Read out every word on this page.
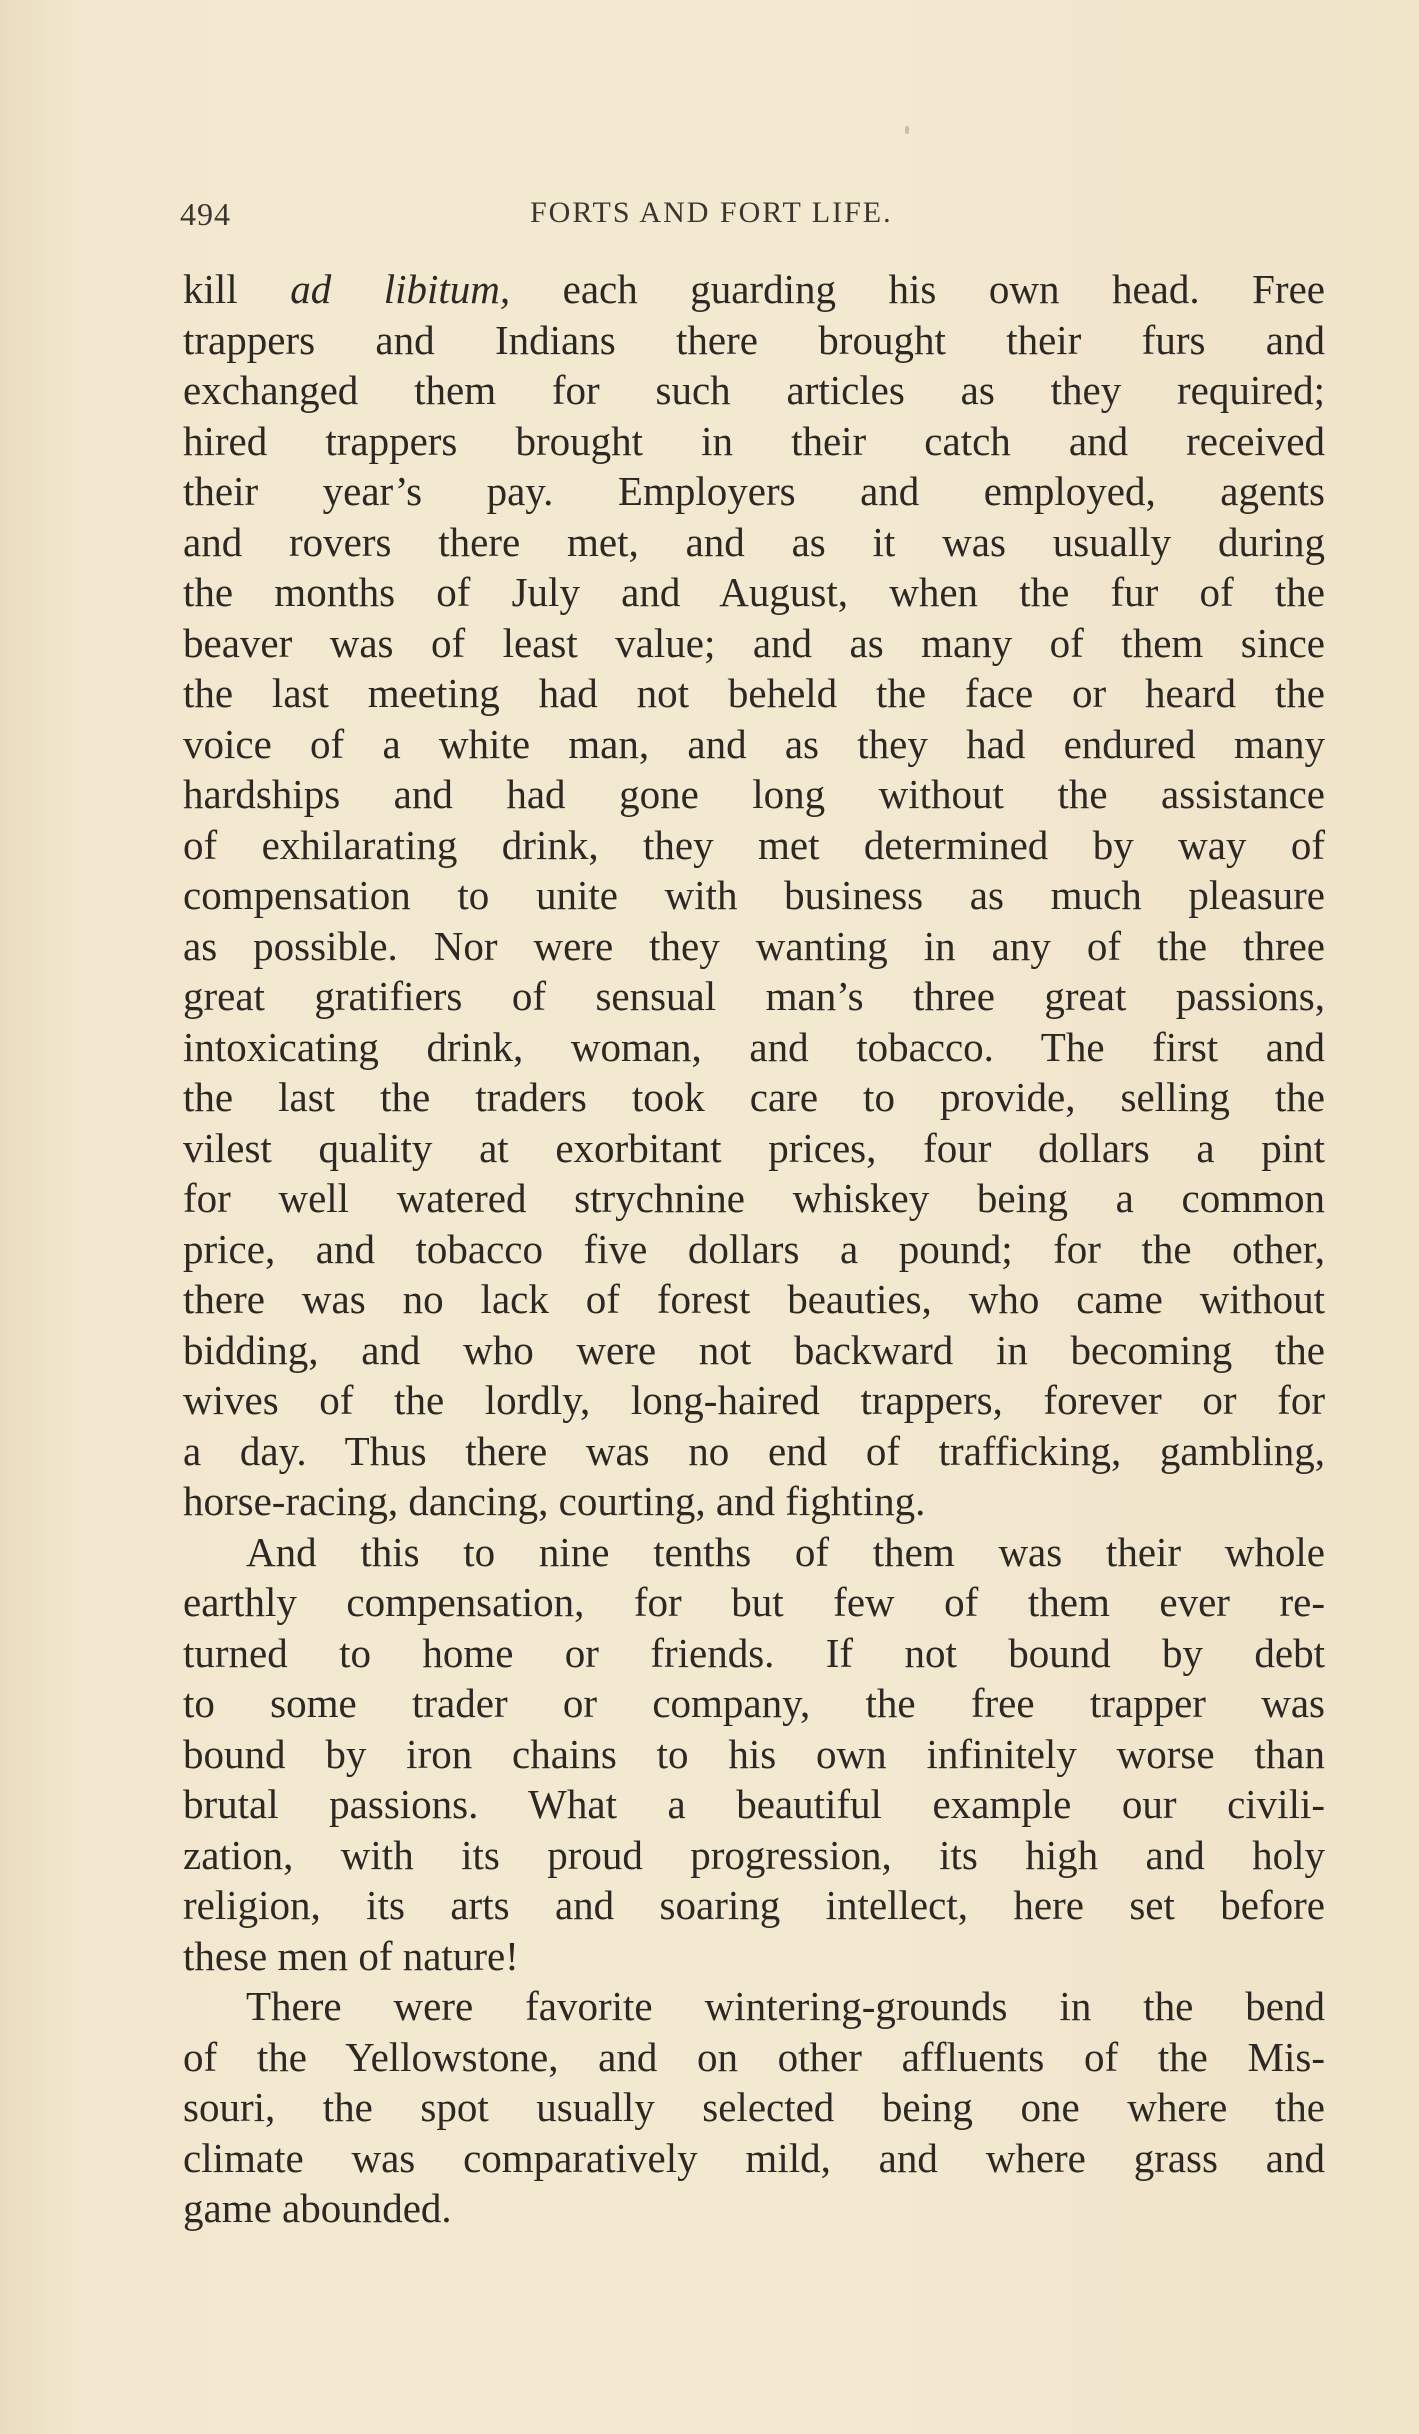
494	FORTS AND FORT LIFE.
kill ad libitum, each guarding his own head. Free
trappers and Indians there brought their furs and
exchanged them for such articles as they required;
hired trappers brought in their catch and received
their year’s pay. Employers and employed, agents
and rovers there met, and as it was usually during
the months of July and August, when the fur of the
beaver was of least value; and as many of them since
the last meeting had not beheld the face or heard the
voice of a white man, and as they had endured many
hardships and had gone long without the assistance
of exhilarating drink, they met determined by way of
compensation to unite with business as much pleasure
as possible. Nor were they wanting in any of the three
great gratifiers of sensual man’s three great passions,
intoxicating drink, woman, and tobacco. The first and
the last the traders took care to provide, selling the
vilest quality at exorbitant prices, four dollars a pint
for well watered strychnine whiskey being a common
price, and tobacco five dollars a pound; for the other,
there was no lack of forest beauties, who came without
bidding, and who were not backward in becoming the
wives of the lordly, long-haired trappers, forever or for
a day. Thus there was no end of trafficking, gambling,
horse-racing, dancing, courting, and fighting.
And this to nine tenths of them was their whole
earthly compensation, for but few of them ever re-
turned to home or friends. If not bound by debt
to some trader or company, the free trapper was
bound by iron chains to his own infinitely worse than
brutal passions. What a beautiful example our civili-
zation, with its proud progression, its high and holy
religion, its arts and soaring intellect, here set before
these men of nature!
There were favorite wintering-grounds in the bend
of the Yellowstone, and on other affluents of the Mis-
souri, the spot usually selected being one where the
climate was comparatively mild, and where grass and
game abounded.
